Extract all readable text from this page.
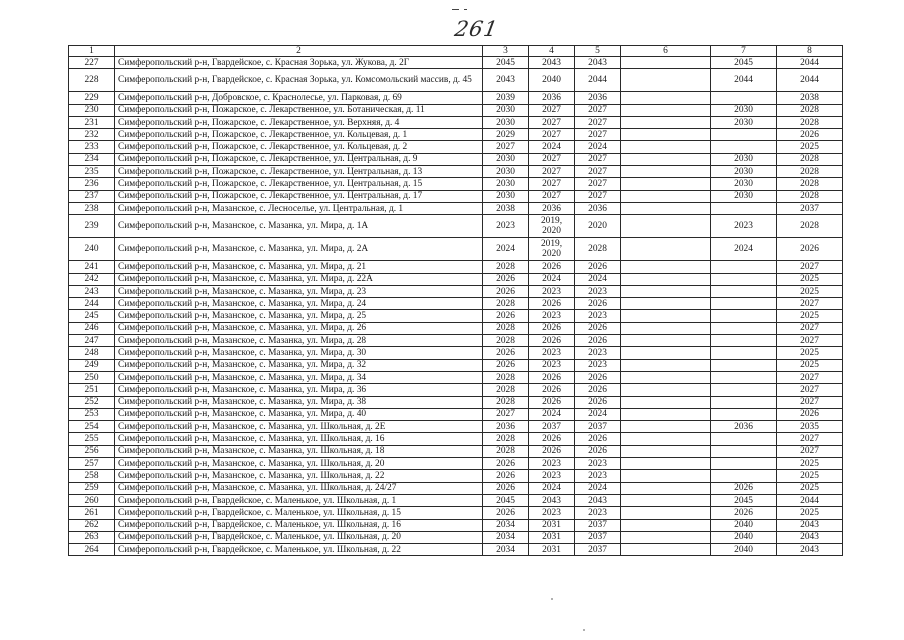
261
1	2	3	4	5	6	7	8
227	Симферопольский р-н, Гвардейское, с. Красная Зорька, ул. Жукова, д. 2Г	2045	2043	2043		2045	2044
228	Симферопольский р-н, Гвардейское, с. Красная Зорька, ул. Комсомольский массив, д. 45	2043	2040	2044		2044	2044
229	Симферопольский р-н, Добровское, с. Краснолесье, ул. Парковая, д. 69	2039	2036	2036			2038
230	Симферопольский р-н, Пожарское, с. Лекарственное, ул. Ботаническая, д. 11	2030	2027	2027		2030	2028
231	Симферопольский р-н, Пожарское, с. Лекарственное, ул. Верхняя, д. 4	2030	2027	2027		2030	2028
232	Симферопольский р-н, Пожарское, с. Лекарственное, ул. Кольцевая, д. 1	2029	2027	2027			2026
233	Симферопольский р-н, Пожарское, с. Лекарственное, ул. Кольцевая, д. 2	2027	2024	2024			2025
234	Симферопольский р-н, Пожарское, с. Лекарственное, ул. Центральная, д. 9	2030	2027	2027		2030	2028
235	Симферопольский р-н, Пожарское, с. Лекарственное, ул. Центральная, д. 13	2030	2027	2027		2030	2028
236	Симферопольский р-н, Пожарское, с. Лекарственное, ул. Центральная, д. 15	2030	2027	2027		2030	2028
237	Симферопольский р-н, Пожарское, с. Лекарственное, ул. Центральная, д. 17	2030	2027	2027		2030	2028
238	Симферопольский р-н, Мазанское, с. Лесноселье, ул. Центральная, д. 1	2038	2036	2036			2037
239	Симферопольский р-н, Мазанское, с. Мазанка, ул. Мира, д. 1А	2023	2019, 2020	2020		2023	2028
240	Симферопольский р-н, Мазанское, с. Мазанка, ул. Мира, д. 2А	2024	2019, 2020	2028		2024	2026
241	Симферопольский р-н, Мазанское, с. Мазанка, ул. Мира, д. 21	2028	2026	2026			2027
242	Симферопольский р-н, Мазанское, с. Мазанка, ул. Мира, д. 22А	2026	2024	2024			2025
243	Симферопольский р-н, Мазанское, с. Мазанка, ул. Мира, д. 23	2026	2023	2023			2025
244	Симферопольский р-н, Мазанское, с. Мазанка, ул. Мира, д. 24	2028	2026	2026			2027
245	Симферопольский р-н, Мазанское, с. Мазанка, ул. Мира, д. 25	2026	2023	2023			2025
246	Симферопольский р-н, Мазанское, с. Мазанка, ул. Мира, д. 26	2028	2026	2026			2027
247	Симферопольский р-н, Мазанское, с. Мазанка, ул. Мира, д. 28	2028	2026	2026			2027
248	Симферопольский р-н, Мазанское, с. Мазанка, ул. Мира, д. 30	2026	2023	2023			2025
249	Симферопольский р-н, Мазанское, с. Мазанка, ул. Мира, д. 32	2026	2023	2023			2025
250	Симферопольский р-н, Мазанское, с. Мазанка, ул. Мира, д. 34	2028	2026	2026			2027
251	Симферопольский р-н, Мазанское, с. Мазанка, ул. Мира, д. 36	2028	2026	2026			2027
252	Симферопольский р-н, Мазанское, с. Мазанка, ул. Мира, д. 38	2028	2026	2026			2027
253	Симферопольский р-н, Мазанское, с. Мазанка, ул. Мира, д. 40	2027	2024	2024			2026
254	Симферопольский р-н, Мазанское, с. Мазанка, ул. Школьная, д. 2Е	2036	2037	2037		2036	2035
255	Симферопольский р-н, Мазанское, с. Мазанка, ул. Школьная, д. 16	2028	2026	2026			2027
256	Симферопольский р-н, Мазанское, с. Мазанка, ул. Школьная, д. 18	2028	2026	2026			2027
257	Симферопольский р-н, Мазанское, с. Мазанка, ул. Школьная, д. 20	2026	2023	2023			2025
258	Симферопольский р-н, Мазанское, с. Мазанка, ул. Школьная, д. 22	2026	2023	2023			2025
259	Симферопольский р-н, Мазанское, с. Мазанка, ул. Школьная, д. 24/27	2026	2024	2024		2026	2025
260	Симферопольский р-н, Гвардейское, с. Маленькое, ул. Школьная, д. 1	2045	2043	2043		2045	2044
261	Симферопольский р-н, Гвардейское, с. Маленькое, ул. Школьная, д. 15	2026	2023	2023		2026	2025
262	Симферопольский р-н, Гвардейское, с. Маленькое, ул. Школьная, д. 16	2034	2031	2037		2040	2043
263	Симферопольский р-н, Гвардейское, с. Маленькое, ул. Школьная, д. 20	2034	2031	2037		2040	2043
264	Симферопольский р-н, Гвардейское, с. Маленькое, ул. Школьная, д. 22	2034	2031	2037		2040	2043
